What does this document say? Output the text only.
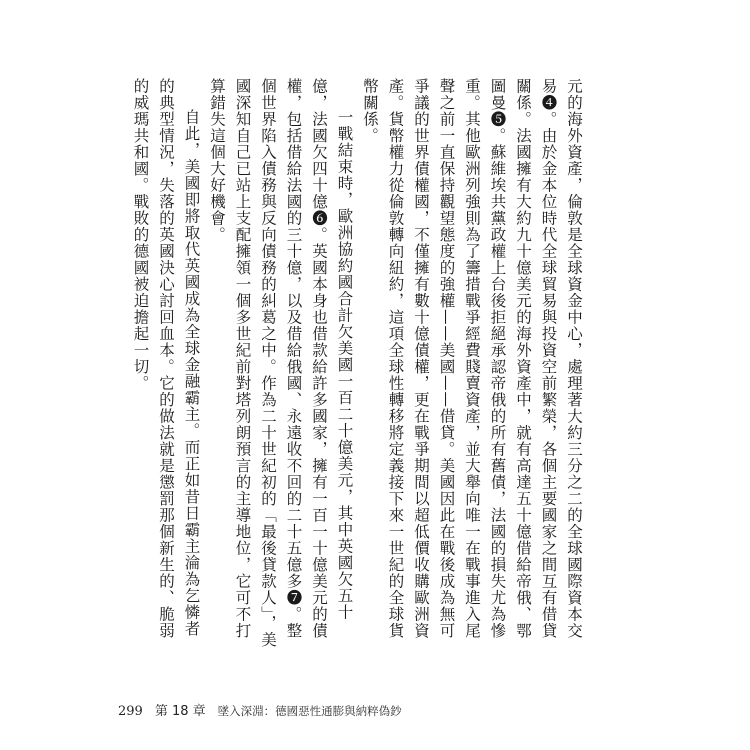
元的海外資產，倫敦是全球資金中心，處理著大約三分之二的全球國際資本交易❹。由於金本位時代全球貿易與投資空前繁榮，各個主要國家之間互有借貸關係。法國擁有大約九十億美元的海外資產中，就有高達五十億借給帝俄、鄂圖曼❺。蘇維埃共黨政權上台後拒絕承認帝俄的所有舊債，法國的損失尤為慘重。其他歐洲列強則為了籌措戰爭經費賤賣資產，並大舉向唯一在戰事進入尾聲之前一直保持觀望態度的強權——美國——借貸。美國因此在戰後成為無可爭議的世界債權國，不僅擁有數十億債權，更在戰爭期間以超低價收購歐洲資產。貨幣權力從倫敦轉向紐約，這項全球性轉移將定義接下來一世紀的全球貨幣關係。

一戰結束時，歐洲協約國合計欠美國一百二十億美元，其中英國欠五十億，法國欠四十億❻。英國本身也借款給許多國家，擁有一百一十億美元的債權，包括借給法國的三十億，以及借給俄國、永遠收不回的二十五億多❼。整個世界陷入債務與反向債務的糾葛之中。作為二十世紀初的「最後貸款人」，美國深知自己已站上支配擁領一個多世紀前對塔列朗預言的主導地位，它可不打算錯失這個大好機會。

自此，美國即將取代英國成為全球金融霸主。而正如昔日霸主淪為乞憐者的典型情況，失落的英國決心討回血本。它的做法就是懲罰那個新生的、脆弱的威瑪共和國。戰敗的德國被迫擔起一切。

299 第 18 章 墜入深淵：德國惡性通膨與納粹偽鈔
